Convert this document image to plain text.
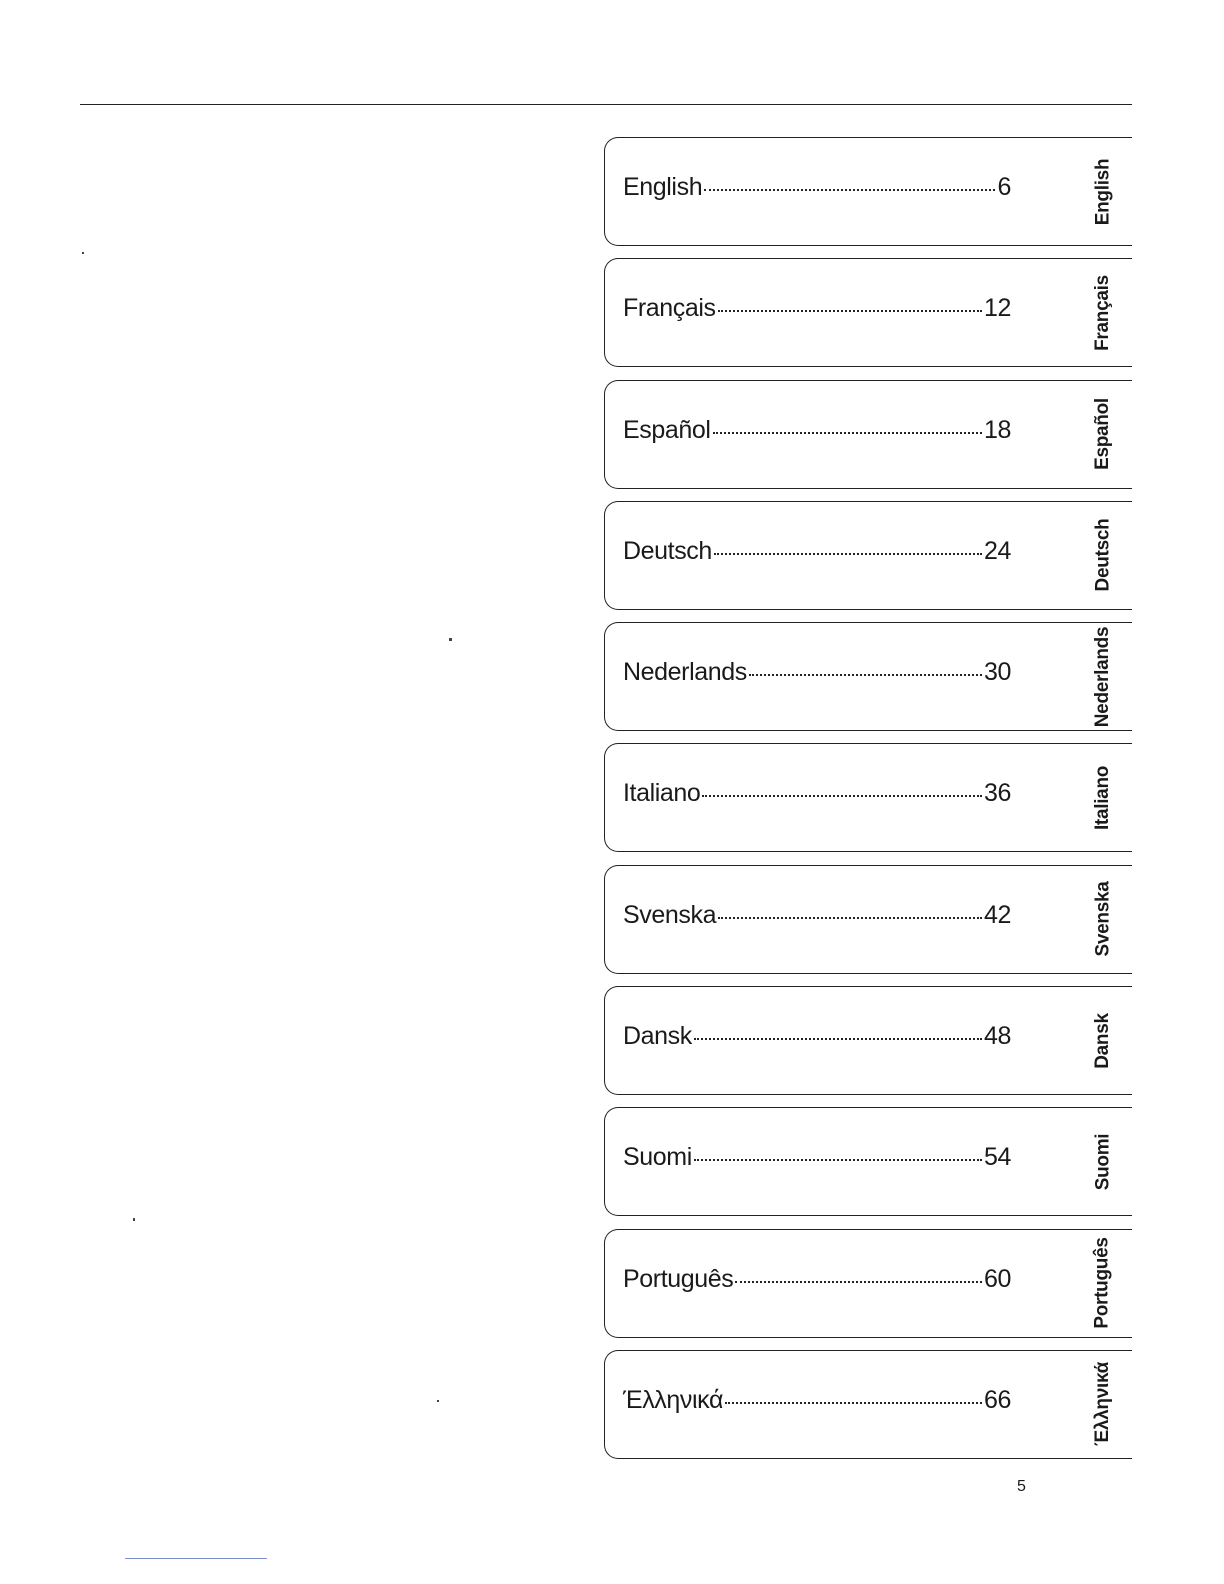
English	6	English
Français	12	Français
Español	18	Español
Deutsch	24	Deutsch
Nederlands	30	Nederlands
Italiano	36	Italiano
Svenska	42	Svenska
Dansk	48	Dansk
Suomi	54	Suomi
Português	60	Português
Έλληνικά	66	Έλληνικά
5
